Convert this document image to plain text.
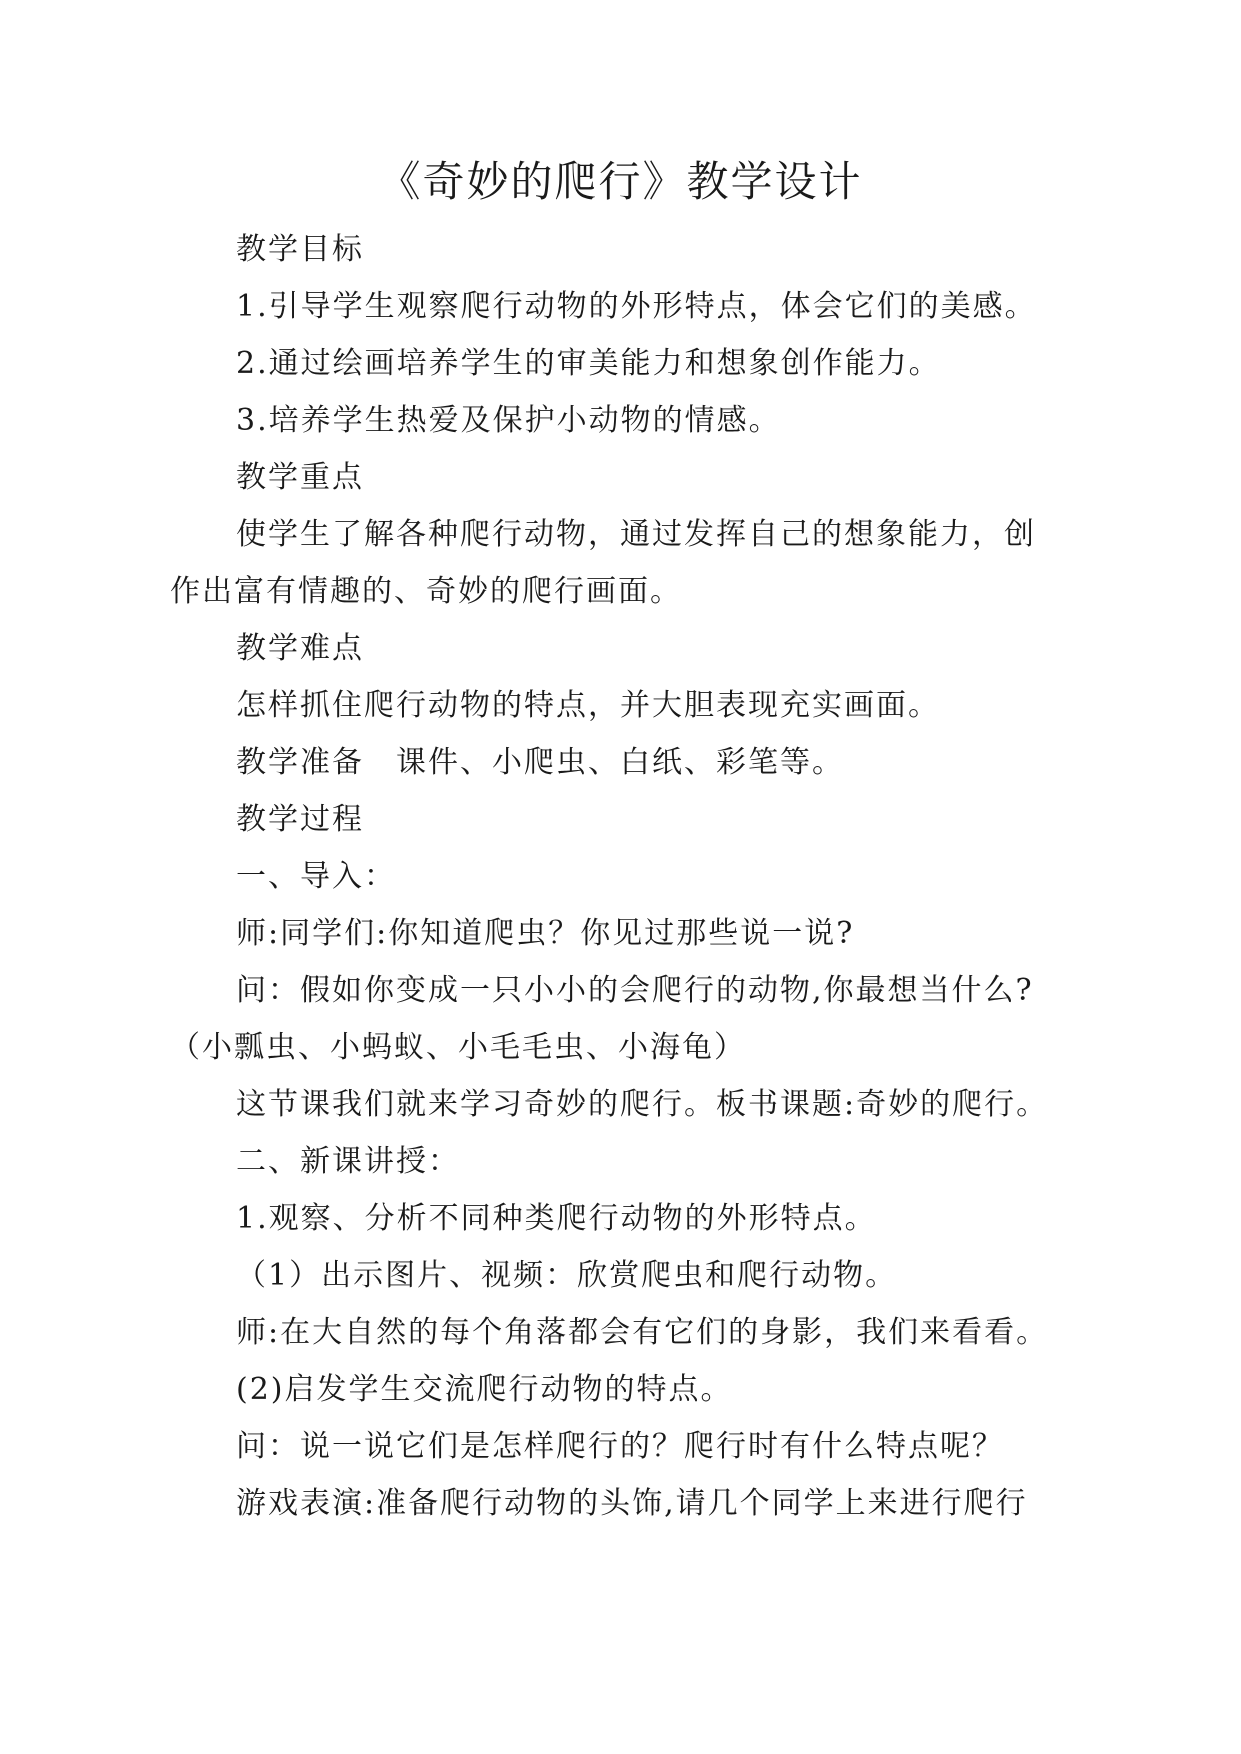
《奇妙的爬行》教学设计
教学目标
1.引导学生观察爬行动物的外形特点，体会它们的美感。
2.通过绘画培养学生的审美能力和想象创作能力。
3.培养学生热爱及保护小动物的情感。
教学重点
使学生了解各种爬行动物，通过发挥自己的想象能力，创
作出富有情趣的、奇妙的爬行画面。
教学难点
怎样抓住爬行动物的特点，并大胆表现充实画面。
教学准备　课件、小爬虫、白纸、彩笔等。
教学过程
一、导入：
师:同学们:你知道爬虫？你见过那些说一说?
问：假如你变成一只小小的会爬行的动物,你最想当什么?
（小瓢虫、小蚂蚁、小毛毛虫、小海龟）
这节课我们就来学习奇妙的爬行。板书课题:奇妙的爬行。
二、新课讲授：
1.观察、分析不同种类爬行动物的外形特点。
（1）出示图片、视频：欣赏爬虫和爬行动物。
师:在大自然的每个角落都会有它们的身影，我们来看看。
(2)启发学生交流爬行动物的特点。
问：说一说它们是怎样爬行的？爬行时有什么特点呢？
游戏表演:准备爬行动物的头饰,请几个同学上来进行爬行
